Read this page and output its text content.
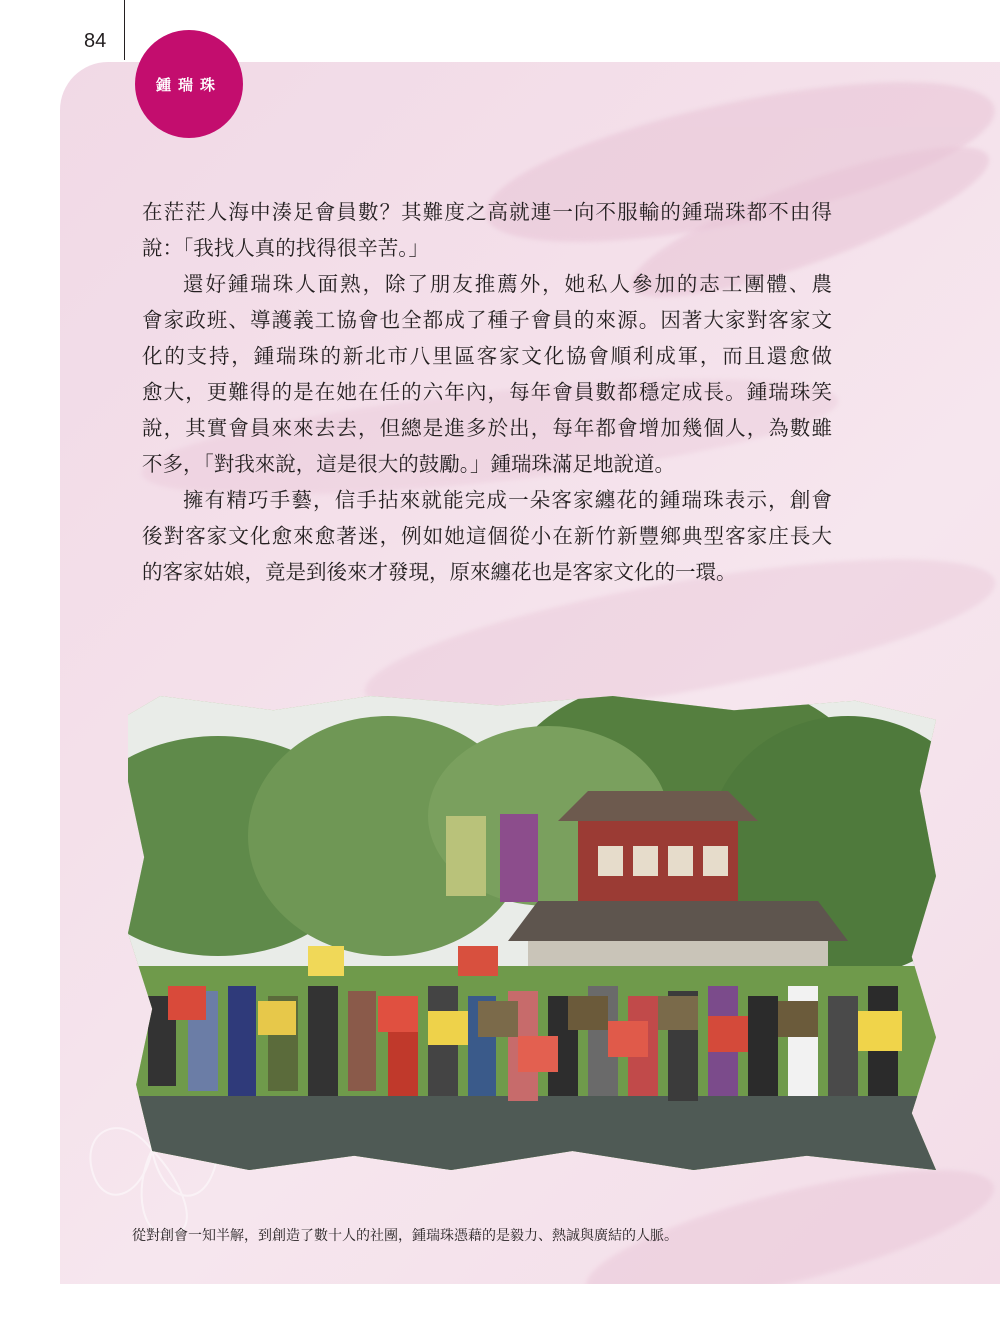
84
鍾瑞珠
在茫茫人海中湊足會員數？其難度之高就連一向不服輸的鍾瑞珠都不由得
說：「我找人真的找得很辛苦。」
還好鍾瑞珠人面熟，除了朋友推薦外，她私人參加的志工團體、農
會家政班、導護義工協會也全都成了種子會員的來源。因著大家對客家文
化的支持，鍾瑞珠的新北市八里區客家文化協會順利成軍，而且還愈做
愈大，更難得的是在她在任的六年內，每年會員數都穩定成長。鍾瑞珠笑
說，其實會員來來去去，但總是進多於出，每年都會增加幾個人，為數雖
不多，「對我來說，這是很大的鼓勵。」鍾瑞珠滿足地說道。
擁有精巧手藝，信手拈來就能完成一朵客家纏花的鍾瑞珠表示，創會
後對客家文化愈來愈著迷，例如她這個從小在新竹新豐鄉典型客家庄長大
的客家姑娘，竟是到後來才發現，原來纏花也是客家文化的一環。
從對創會一知半解，到創造了數十人的社團，鍾瑞珠憑藉的是毅力、熱誠與廣結的人脈。
